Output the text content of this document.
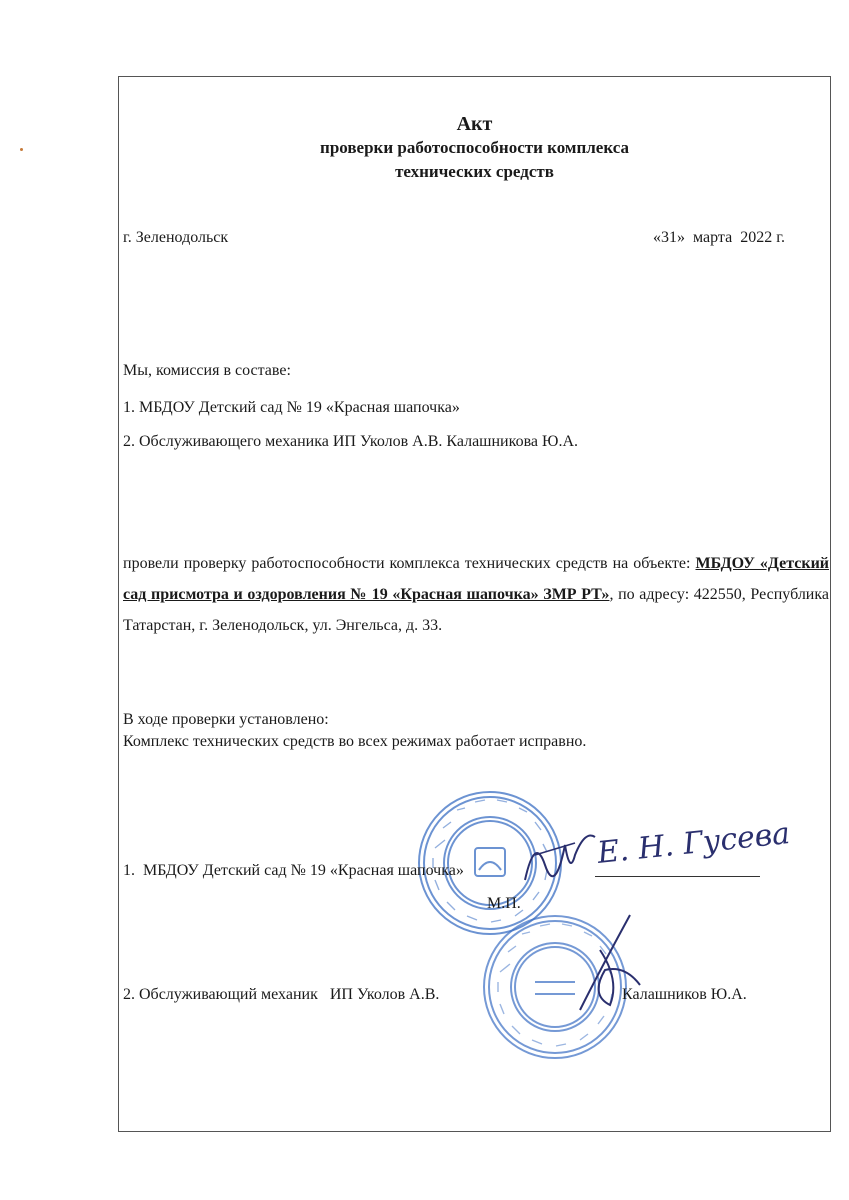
Акт
проверки работоспособности комплекса
технических средств
г. Зеленодольск	«31»  марта  2022 г.
Мы, комиссия в составе:
1. МБДОУ Детский сад № 19 «Красная шапочка»
2. Обслуживающего механика ИП Уколов А.В. Калашникова Ю.А.
провели проверку работоспособности комплекса технических средств на объекте: МБДОУ «Детский сад присмотра и оздоровления № 19 «Красная шапочка» ЗМР РТ», по адресу: 422550, Республика Татарстан, г. Зеленодольск, ул. Энгельса, д. 33.
В ходе проверки установлено:
Комплекс технических средств во всех режимах работает исправно.
Е. Н. Гусева
1.  МБДОУ Детский сад № 19 «Красная шапочка»
М.П.
2. Обслуживающий механик   ИП Уколов А.В.	Калашников Ю.А.
